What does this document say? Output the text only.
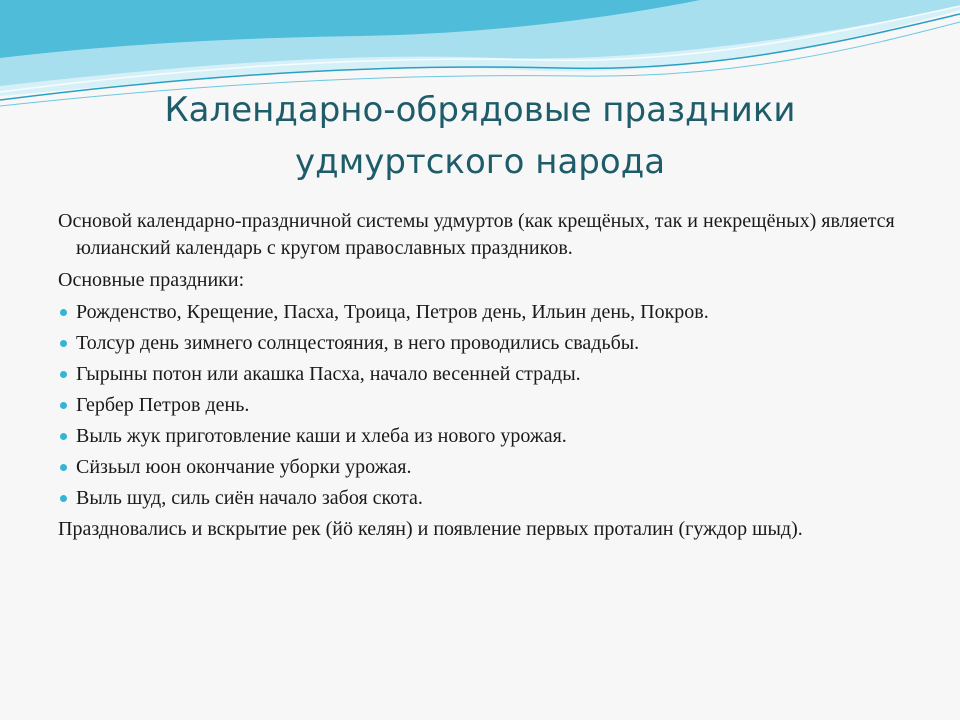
Календарно-обрядовые праздники
удмуртского народа

Основой календарно-праздничной системы удмуртов (как крещёных, так и некрещёных) является юлианский календарь с кругом православных праздников.

Основные праздники:

Рожденство, Крещение, Пасха, Троица, Петров день, Ильин день, Покров.
Толсур день зимнего солнцестояния, в него проводились свадьбы.
Гырыны потон или акашка Пасха, начало весенней страды.
Гербер Петров день.
Выль жук приготовление каши и хлеба из нового урожая.
Сӥзьыл юон окончание уборки урожая.
Выль шуд, силь сиён начало забоя скота.

Праздновались и вскрытие рек (йӧ келян) и появление первых проталин (гуждор шыд).
